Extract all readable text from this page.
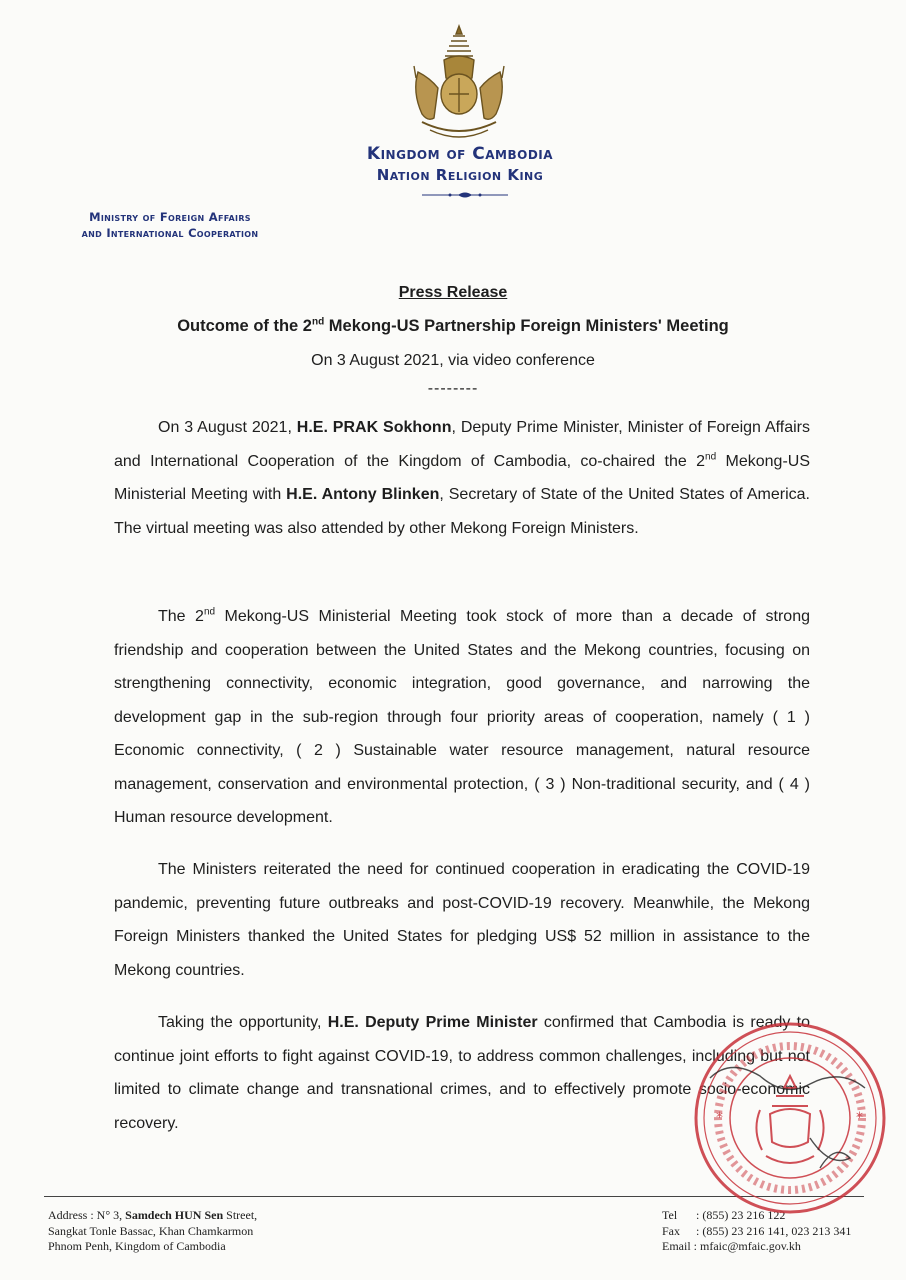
Kingdom of Cambodia
Nation Religion King
Ministry of Foreign Affairs
and International Cooperation
Press Release
Outcome of the 2nd Mekong-US Partnership Foreign Ministers' Meeting
On 3 August 2021, via video conference
--------

On 3 August 2021, H.E. PRAK Sokhonn, Deputy Prime Minister, Minister of Foreign Affairs and International Cooperation of the Kingdom of Cambodia, co-chaired the 2nd Mekong-US Ministerial Meeting with H.E. Antony Blinken, Secretary of State of the United States of America. The virtual meeting was also attended by other Mekong Foreign Ministers.

The 2nd Mekong-US Ministerial Meeting took stock of more than a decade of strong friendship and cooperation between the United States and the Mekong countries, focusing on strengthening connectivity, economic integration, good governance, and narrowing the development gap in the sub-region through four priority areas of cooperation, namely ( 1 ) Economic connectivity, ( 2 ) Sustainable water resource management, natural resource management, conservation and environmental protection, ( 3 ) Non-traditional security, and ( 4 ) Human resource development.

The Ministers reiterated the need for continued cooperation in eradicating the COVID-19 pandemic, preventing future outbreaks and post-COVID-19 recovery. Meanwhile, the Mekong Foreign Ministers thanked the United States for pledging US$ 52 million in assistance to the Mekong countries.

Taking the opportunity, H.E. Deputy Prime Minister confirmed that Cambodia is ready to continue joint efforts to fight against COVID-19, to address common challenges, including but not limited to climate change and transnational crimes, and to effectively promote socio-economic recovery.

Address : N° 3, Samdech HUN Sen Street,
Sangkat Tonle Bassac, Khan Chamkarmon
Phnom Penh, Kingdom of Cambodia
Tel : (855) 23 216 122
Fax : (855) 23 216 141, 023 213 341
Email : mfaic@mfaic.gov.kh
*	*
